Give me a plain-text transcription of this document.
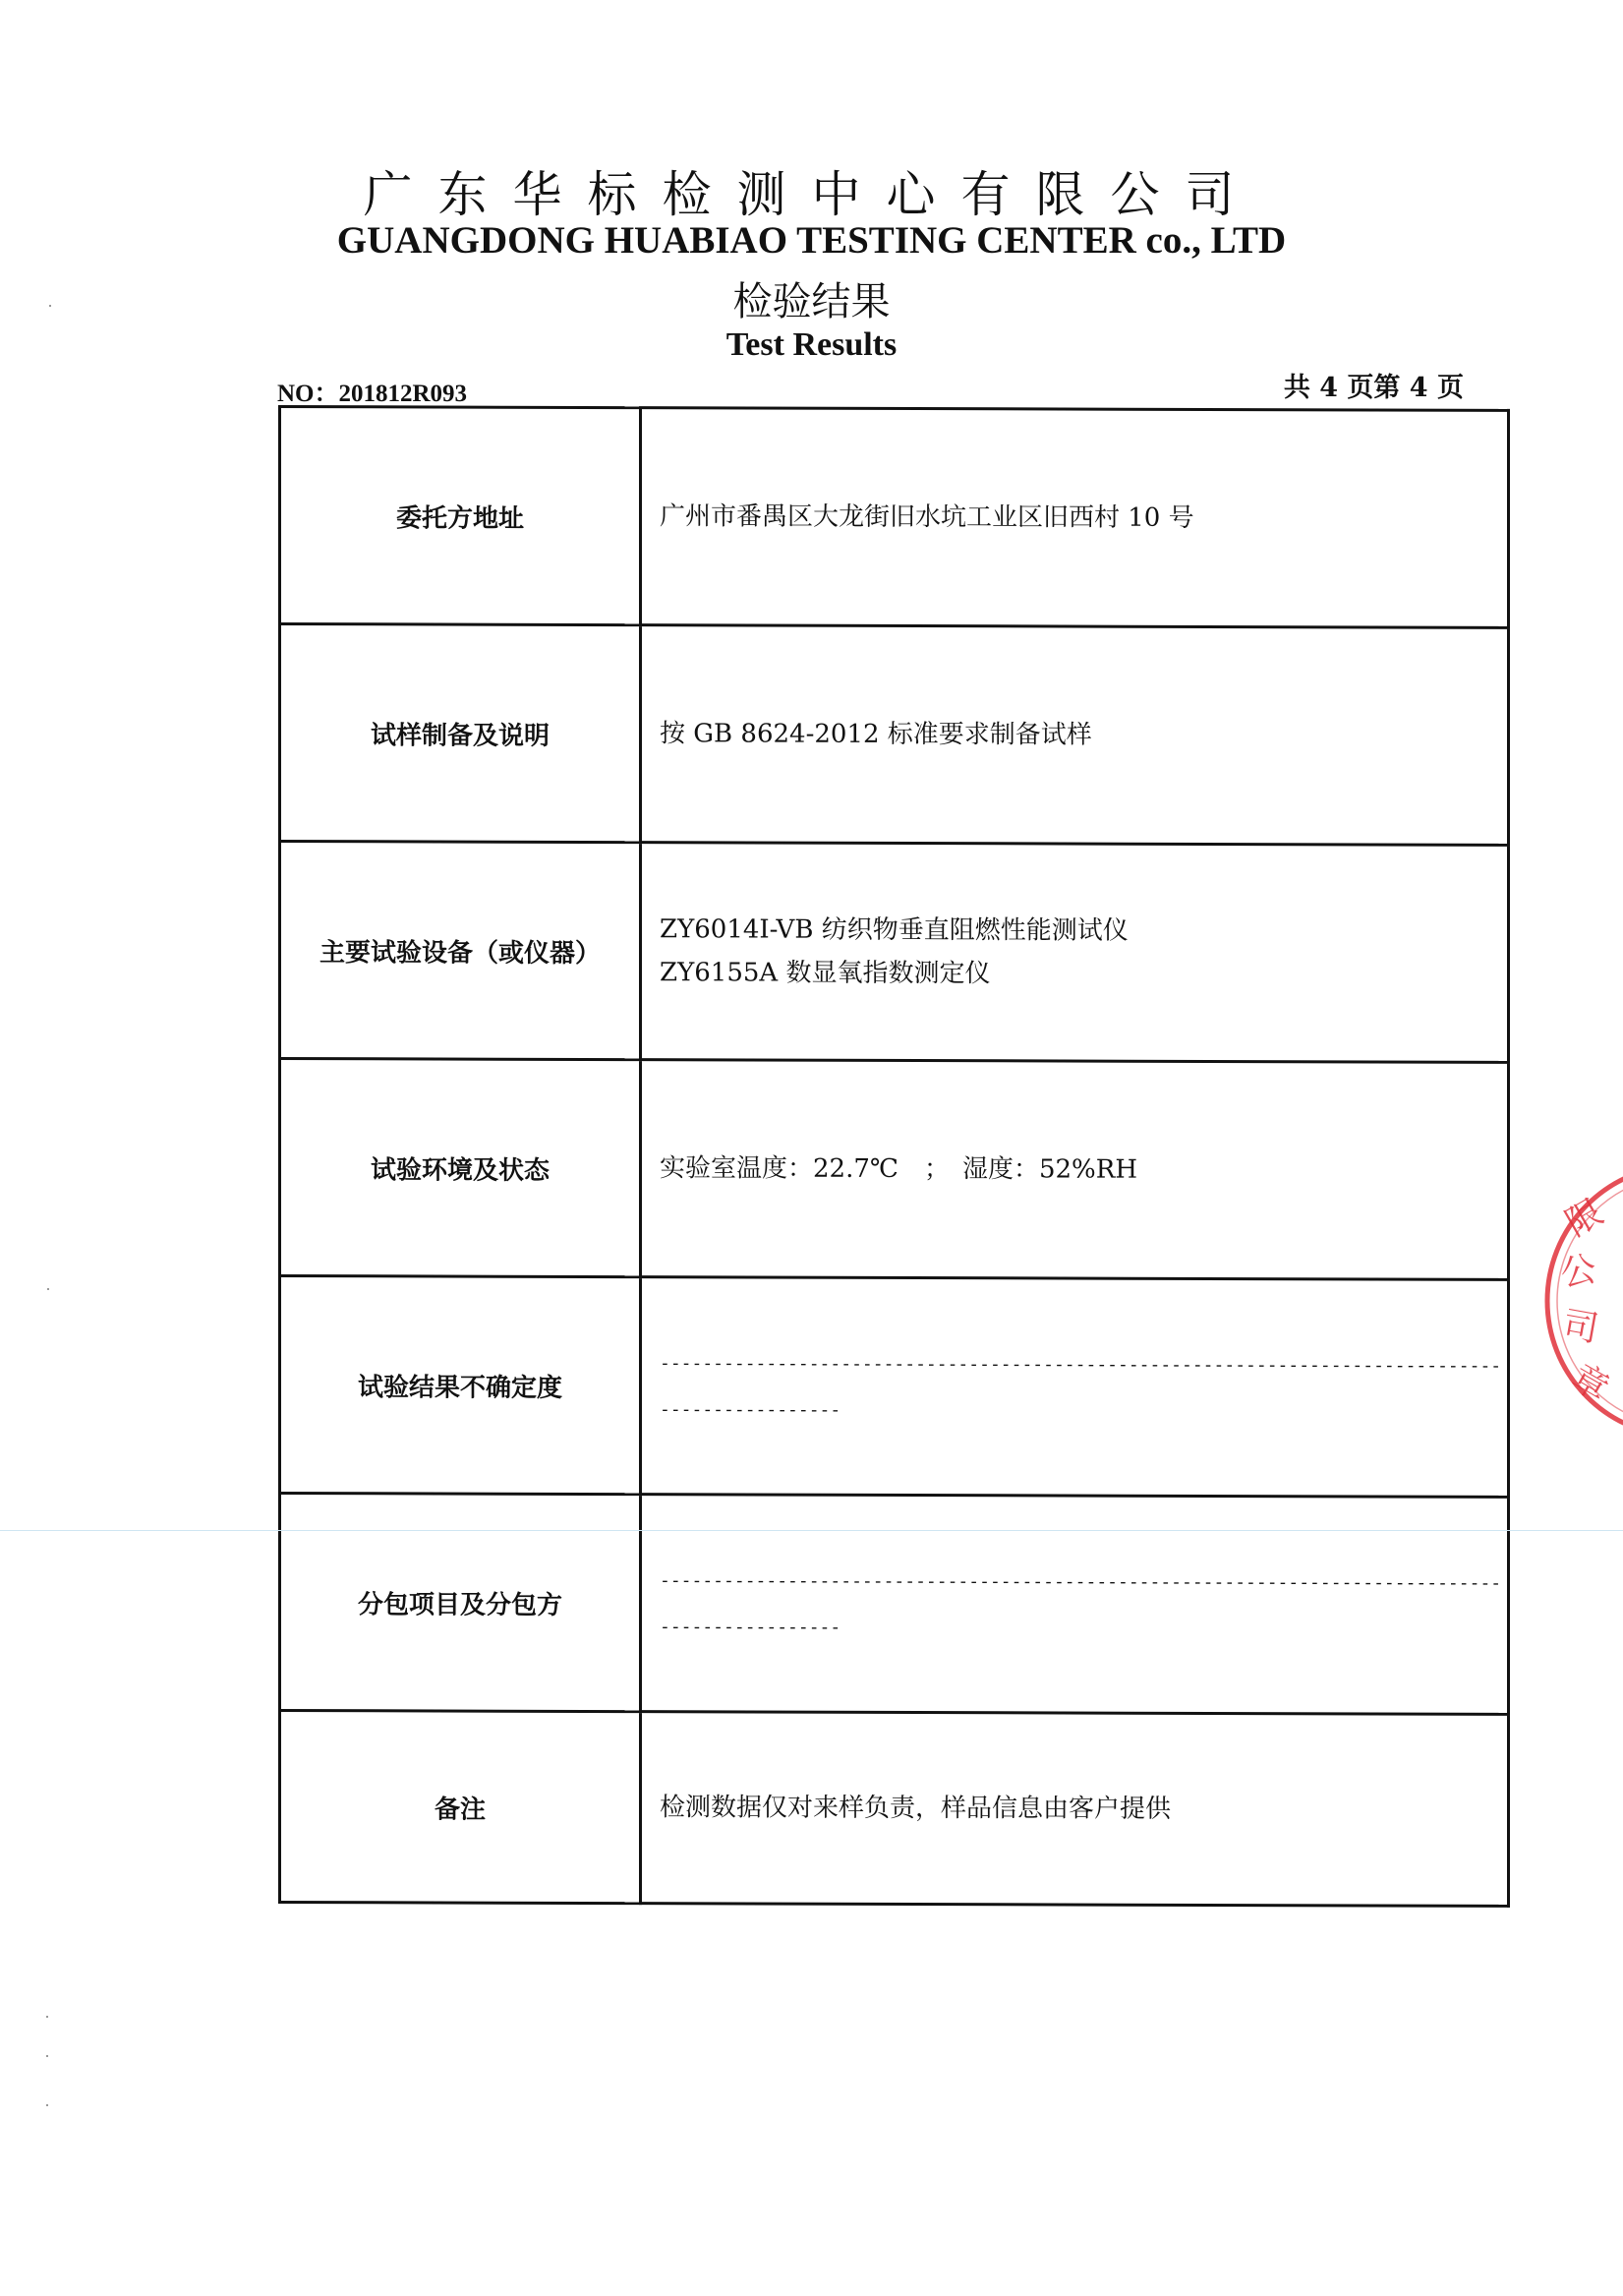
广东华标检测中心有限公司
GUANGDONG HUABIAO TESTING CENTER co., LTD
检验结果
Test Results
NO：201812R093	共 4 页第 4 页
委托方地址	广州市番禺区大龙街旧水坑工业区旧西村 10 号
试样制备及说明	按 GB 8624-2012 标准要求制备试样
主要试验设备（或仪器）	ZY6014I-VB 纺织物垂直阻燃性能测试仪
ZY6155A 数显氧指数测定仪

试验环境及状态	实验室温度：22.7℃　；　湿度：52%RH
试验结果不确定度	------------------------------------------------------------------------------------------------
分包项目及分包方	------------------------------------------------------------------------------------------------
备注	检测数据仅对来样负责，样品信息由客户提供
限
公
司
章
